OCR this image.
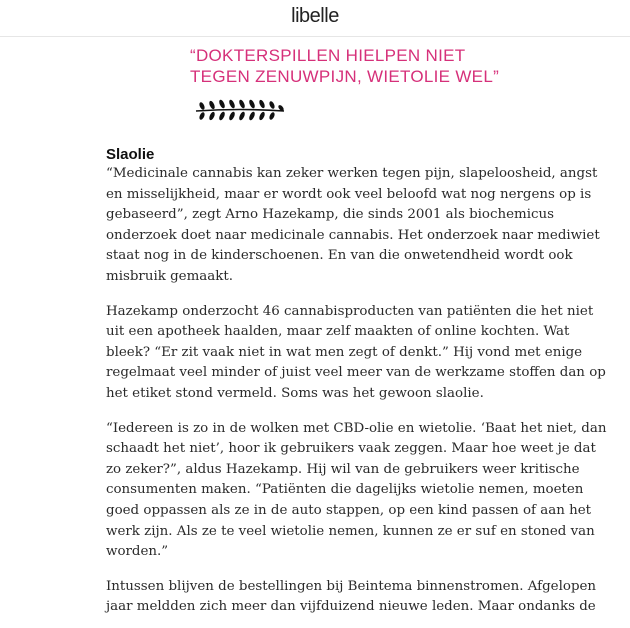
libelle
“DOKTERSPILLEN HIELPEN NIET
TEGEN ZENUWPIJN, WIETOLIE WEL”
Slaolie

“Medicinale cannabis kan zeker werken tegen pijn, slapeloosheid, angst
en misselijkheid, maar er wordt ook veel beloofd wat nog nergens op is
gebaseerd”, zegt Arno Hazekamp, die sinds 2001 als biochemicus
onderzoek doet naar medicinale cannabis. Het onderzoek naar mediwiet
staat nog in de kinderschoenen. En van die onwetendheid wordt ook
misbruik gemaakt.

Hazekamp onderzocht 46 cannabisproducten van patiënten die het niet
uit een apotheek haalden, maar zelf maakten of online kochten. Wat
bleek? “Er zit vaak niet in wat men zegt of denkt.” Hij vond met enige
regelmaat veel minder of juist veel meer van de werkzame stoffen dan op
het etiket stond vermeld. Soms was het gewoon slaolie.

“Iedereen is zo in de wolken met CBD-olie en wietolie. ‘Baat het niet, dan
schaadt het niet’, hoor ik gebruikers vaak zeggen. Maar hoe weet je dat
zo zeker?”, aldus Hazekamp. Hij wil van de gebruikers weer kritische
consumenten maken. “Patiënten die dagelijks wietolie nemen, moeten
goed oppassen als ze in de auto stappen, op een kind passen of aan het
werk zijn. Als ze te veel wietolie nemen, kunnen ze er suf en stoned van
worden.”

Intussen blijven de bestellingen bij Beintema binnenstromen. Afgelopen
jaar meldden zich meer dan vijfduizend nieuwe leden. Maar ondanks de
